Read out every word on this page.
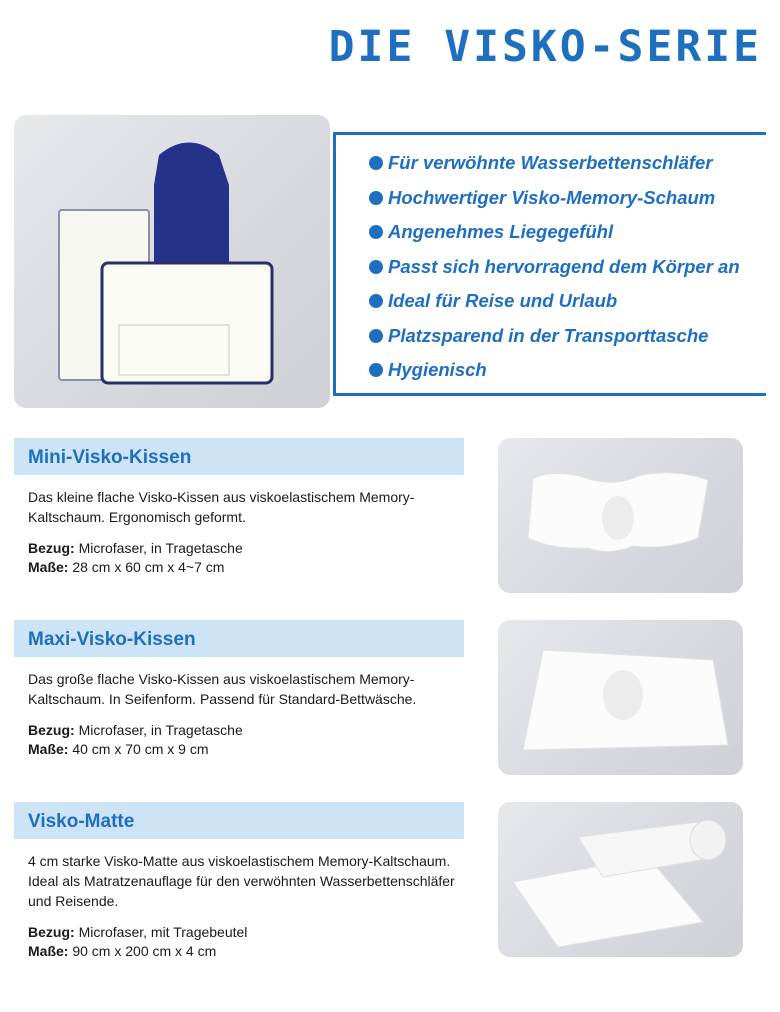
DIE VISKO-SERIE
Für verwöhnte Wasserbettenschläfer
Hochwertiger Visko-Memory-Schaum
Angenehmes Liegegefühl
Passt sich hervorragend dem Körper an
Ideal für Reise und Urlaub
Platzsparend in der Transporttasche
Hygienisch
Mini-Visko-Kissen
Das kleine flache Visko-Kissen aus viskoelastischem Memory-Kaltschaum. Ergonomisch geformt.
Bezug: Microfaser, in Tragetasche
Maße: 28 cm x 60 cm x 4~7 cm
Maxi-Visko-Kissen
Das große flache Visko-Kissen aus viskoelastischem Memory-Kaltschaum. In Seifenform. Passend für Standard-Bettwäsche.
Bezug: Microfaser, in Tragetasche
Maße: 40 cm x 70 cm x 9 cm
Visko-Matte
4 cm starke Visko-Matte aus viskoelastischem Memory-Kaltschaum. Ideal als Matratzenauflage für den verwöhnten Wasserbettenschläfer und Reisende.
Bezug: Microfaser, mit Tragebeutel
Maße: 90 cm x 200 cm x 4 cm
